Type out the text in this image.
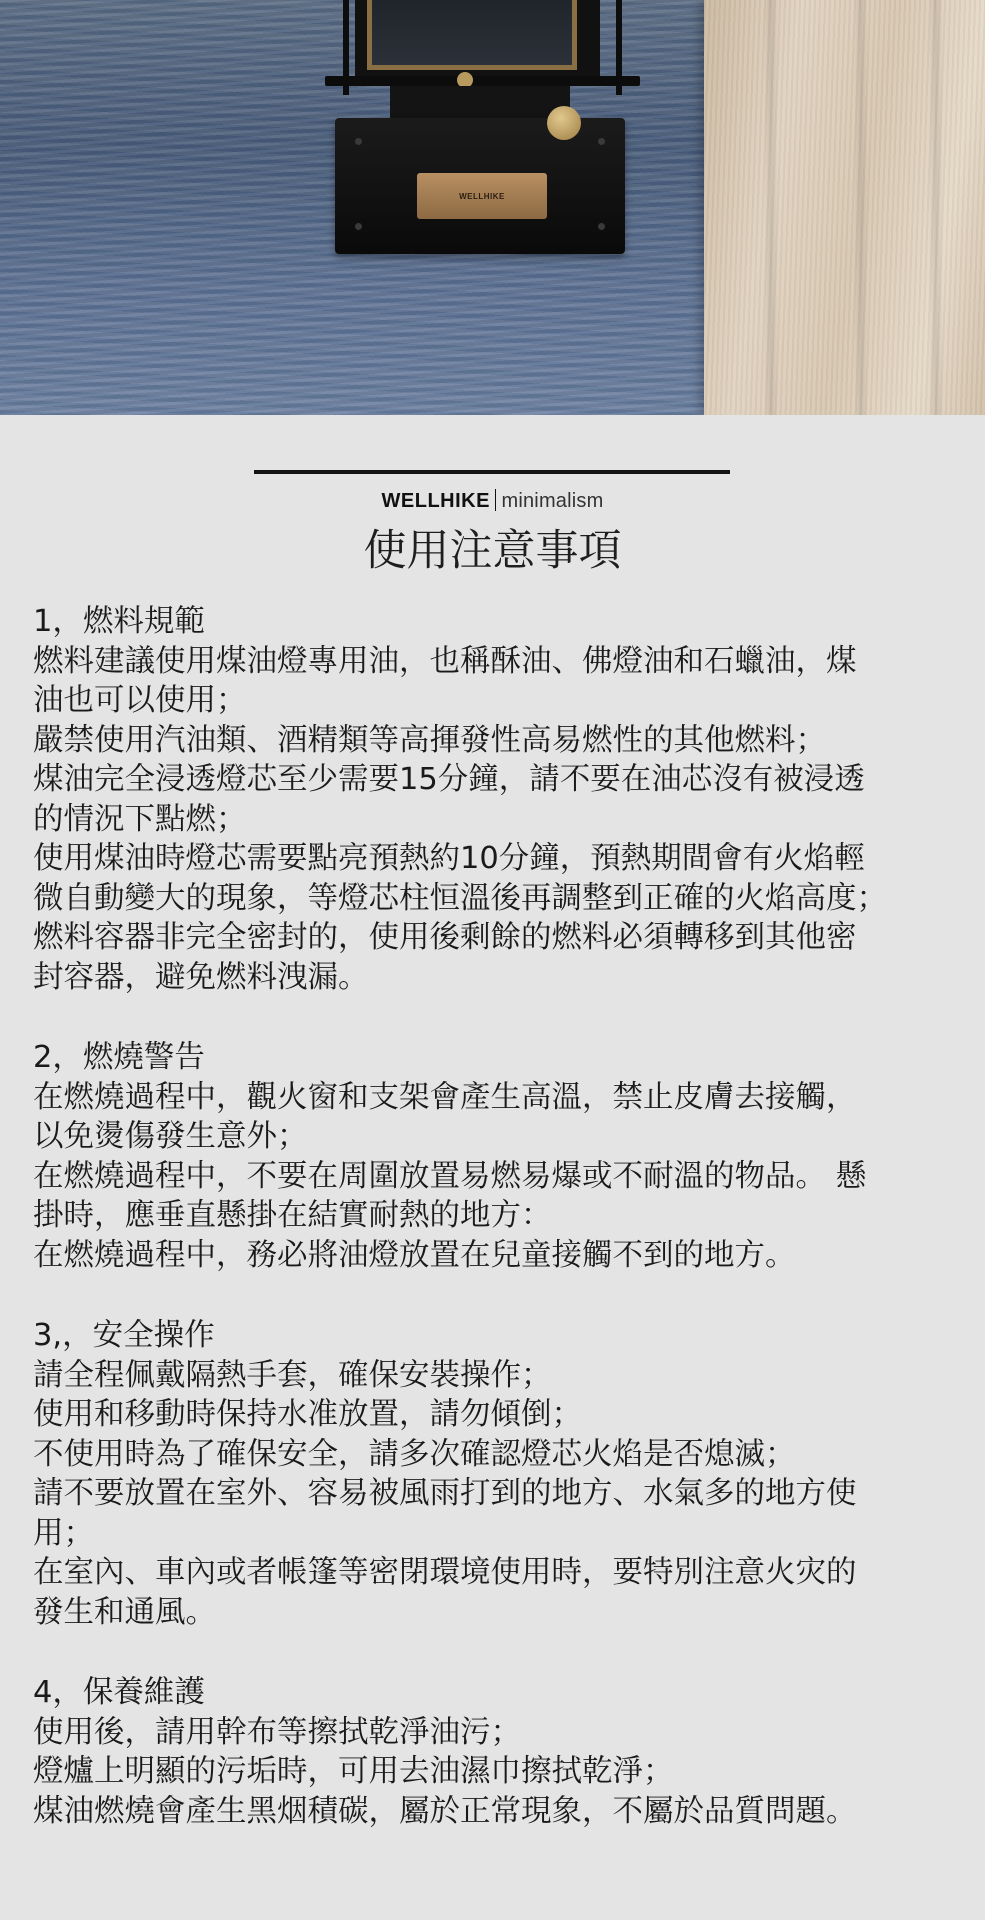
WELLHIKE
WELLHIKE minimalism
使用注意事項

1，燃料規範

燃料建議使用煤油燈專用油，也稱酥油、佛燈油和石蠟油，煤

油也可以使用；

嚴禁使用汽油類、酒精類等高揮發性高易燃性的其他燃料；

煤油完全浸透燈芯至少需要15分鐘，請不要在油芯沒有被浸透

的情況下點燃；

使用煤油時燈芯需要點亮預熱約10分鐘，預熱期間會有火焰輕

微自動變大的現象，等燈芯柱恒溫後再調整到正確的火焰高度；

燃料容器非完全密封的，使用後剩餘的燃料必須轉移到其他密

封容器，避免燃料洩漏。

2，燃燒警告

在燃燒過程中，觀火窗和支架會產生高溫，禁止皮膚去接觸，

以免燙傷發生意外；

在燃燒過程中，不要在周圍放置易燃易爆或不耐溫的物品。 懸

掛時，應垂直懸掛在結實耐熱的地方：

在燃燒過程中，務必將油燈放置在兒童接觸不到的地方。

3,，安全操作

請全程佩戴隔熱手套，確保安裝操作；

使用和移動時保持水准放置，請勿傾倒；

不使用時為了確保安全，請多次確認燈芯火焰是否熄滅；

請不要放置在室外、容易被風雨打到的地方、水氣多的地方使

用；

在室內、車內或者帳篷等密閉環境使用時，要特別注意火灾的

發生和通風。

4，保養維護

使用後，請用幹布等擦拭乾淨油污；

燈爐上明顯的污垢時，可用去油濕巾擦拭乾淨；

煤油燃燒會產生黑烟積碳，屬於正常現象，不屬於品質問題。
